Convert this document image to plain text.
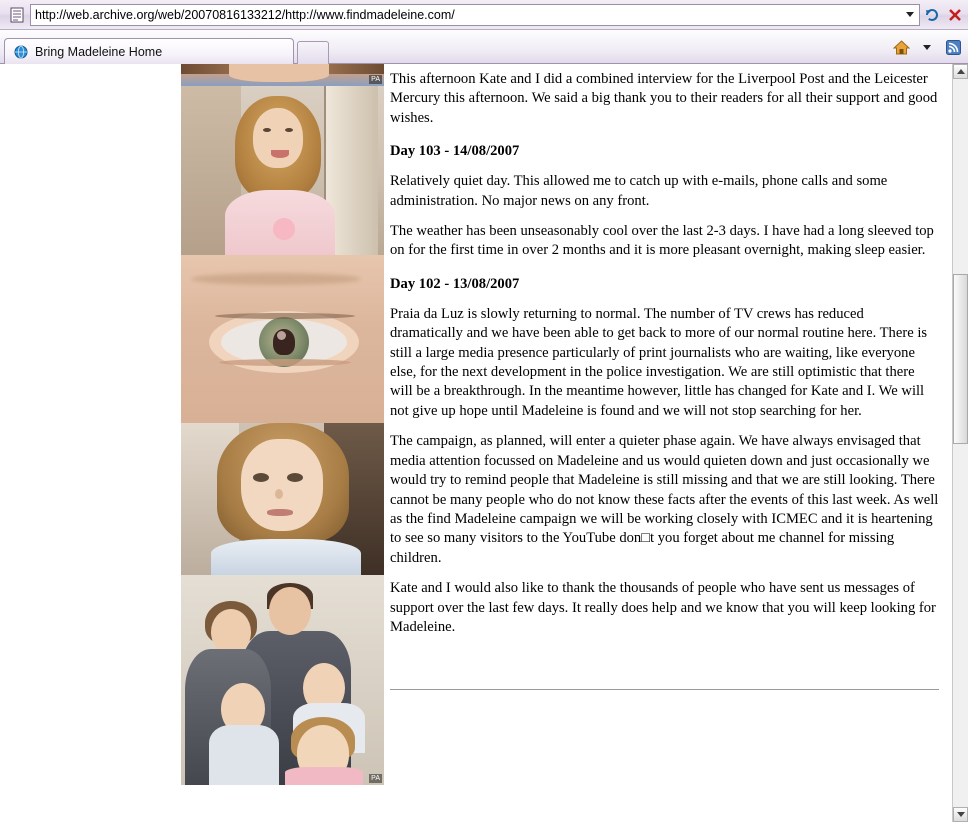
http://web.archive.org/web/20070816133212/http://www.findmadeleine.com/
Bring Madeleine Home
PA
PA

This afternoon Kate and I did a combined interview for the Liverpool Post and the Leicester Mercury this afternoon. We said a big thank you to their readers for all their support and good wishes.

Day 103 - 14/08/2007

Relatively quiet day. This allowed me to catch up with e-mails, phone calls and some administration. No major news on any front.

The weather has been unseasonably cool over the last 2-3 days. I have had a long sleeved top on for the first time in over 2 months and it is more pleasant overnight, making sleep easier.

Day 102 - 13/08/2007

Praia da Luz is slowly returning to normal. The number of TV crews has reduced dramatically and we have been able to get back to more of our normal routine here. There is still a large media presence particularly of print journalists who are waiting, like everyone else, for the next development in the police investigation. We are still optimistic that there will be a breakthrough. In the meantime however, little has changed for Kate and I. We will not give up hope until Madeleine is found and we will not stop searching for her.

The campaign, as planned, will enter a quieter phase again. We have always envisaged that media attention focussed on Madeleine and us would quieten down and just occasionally we would try to remind people that Madeleine is still missing and that we are still looking. There cannot be many people who do not know these facts after the events of this last week. As well as the find Madeleine campaign we will be working closely with ICMEC and it is heartening to see so many visitors to the YouTube don□t you forget about me channel for missing children.

Kate and I would also like to thank the thousands of people who have sent us messages of support over the last few days. It really does help and we know that you will keep looking for Madeleine.
